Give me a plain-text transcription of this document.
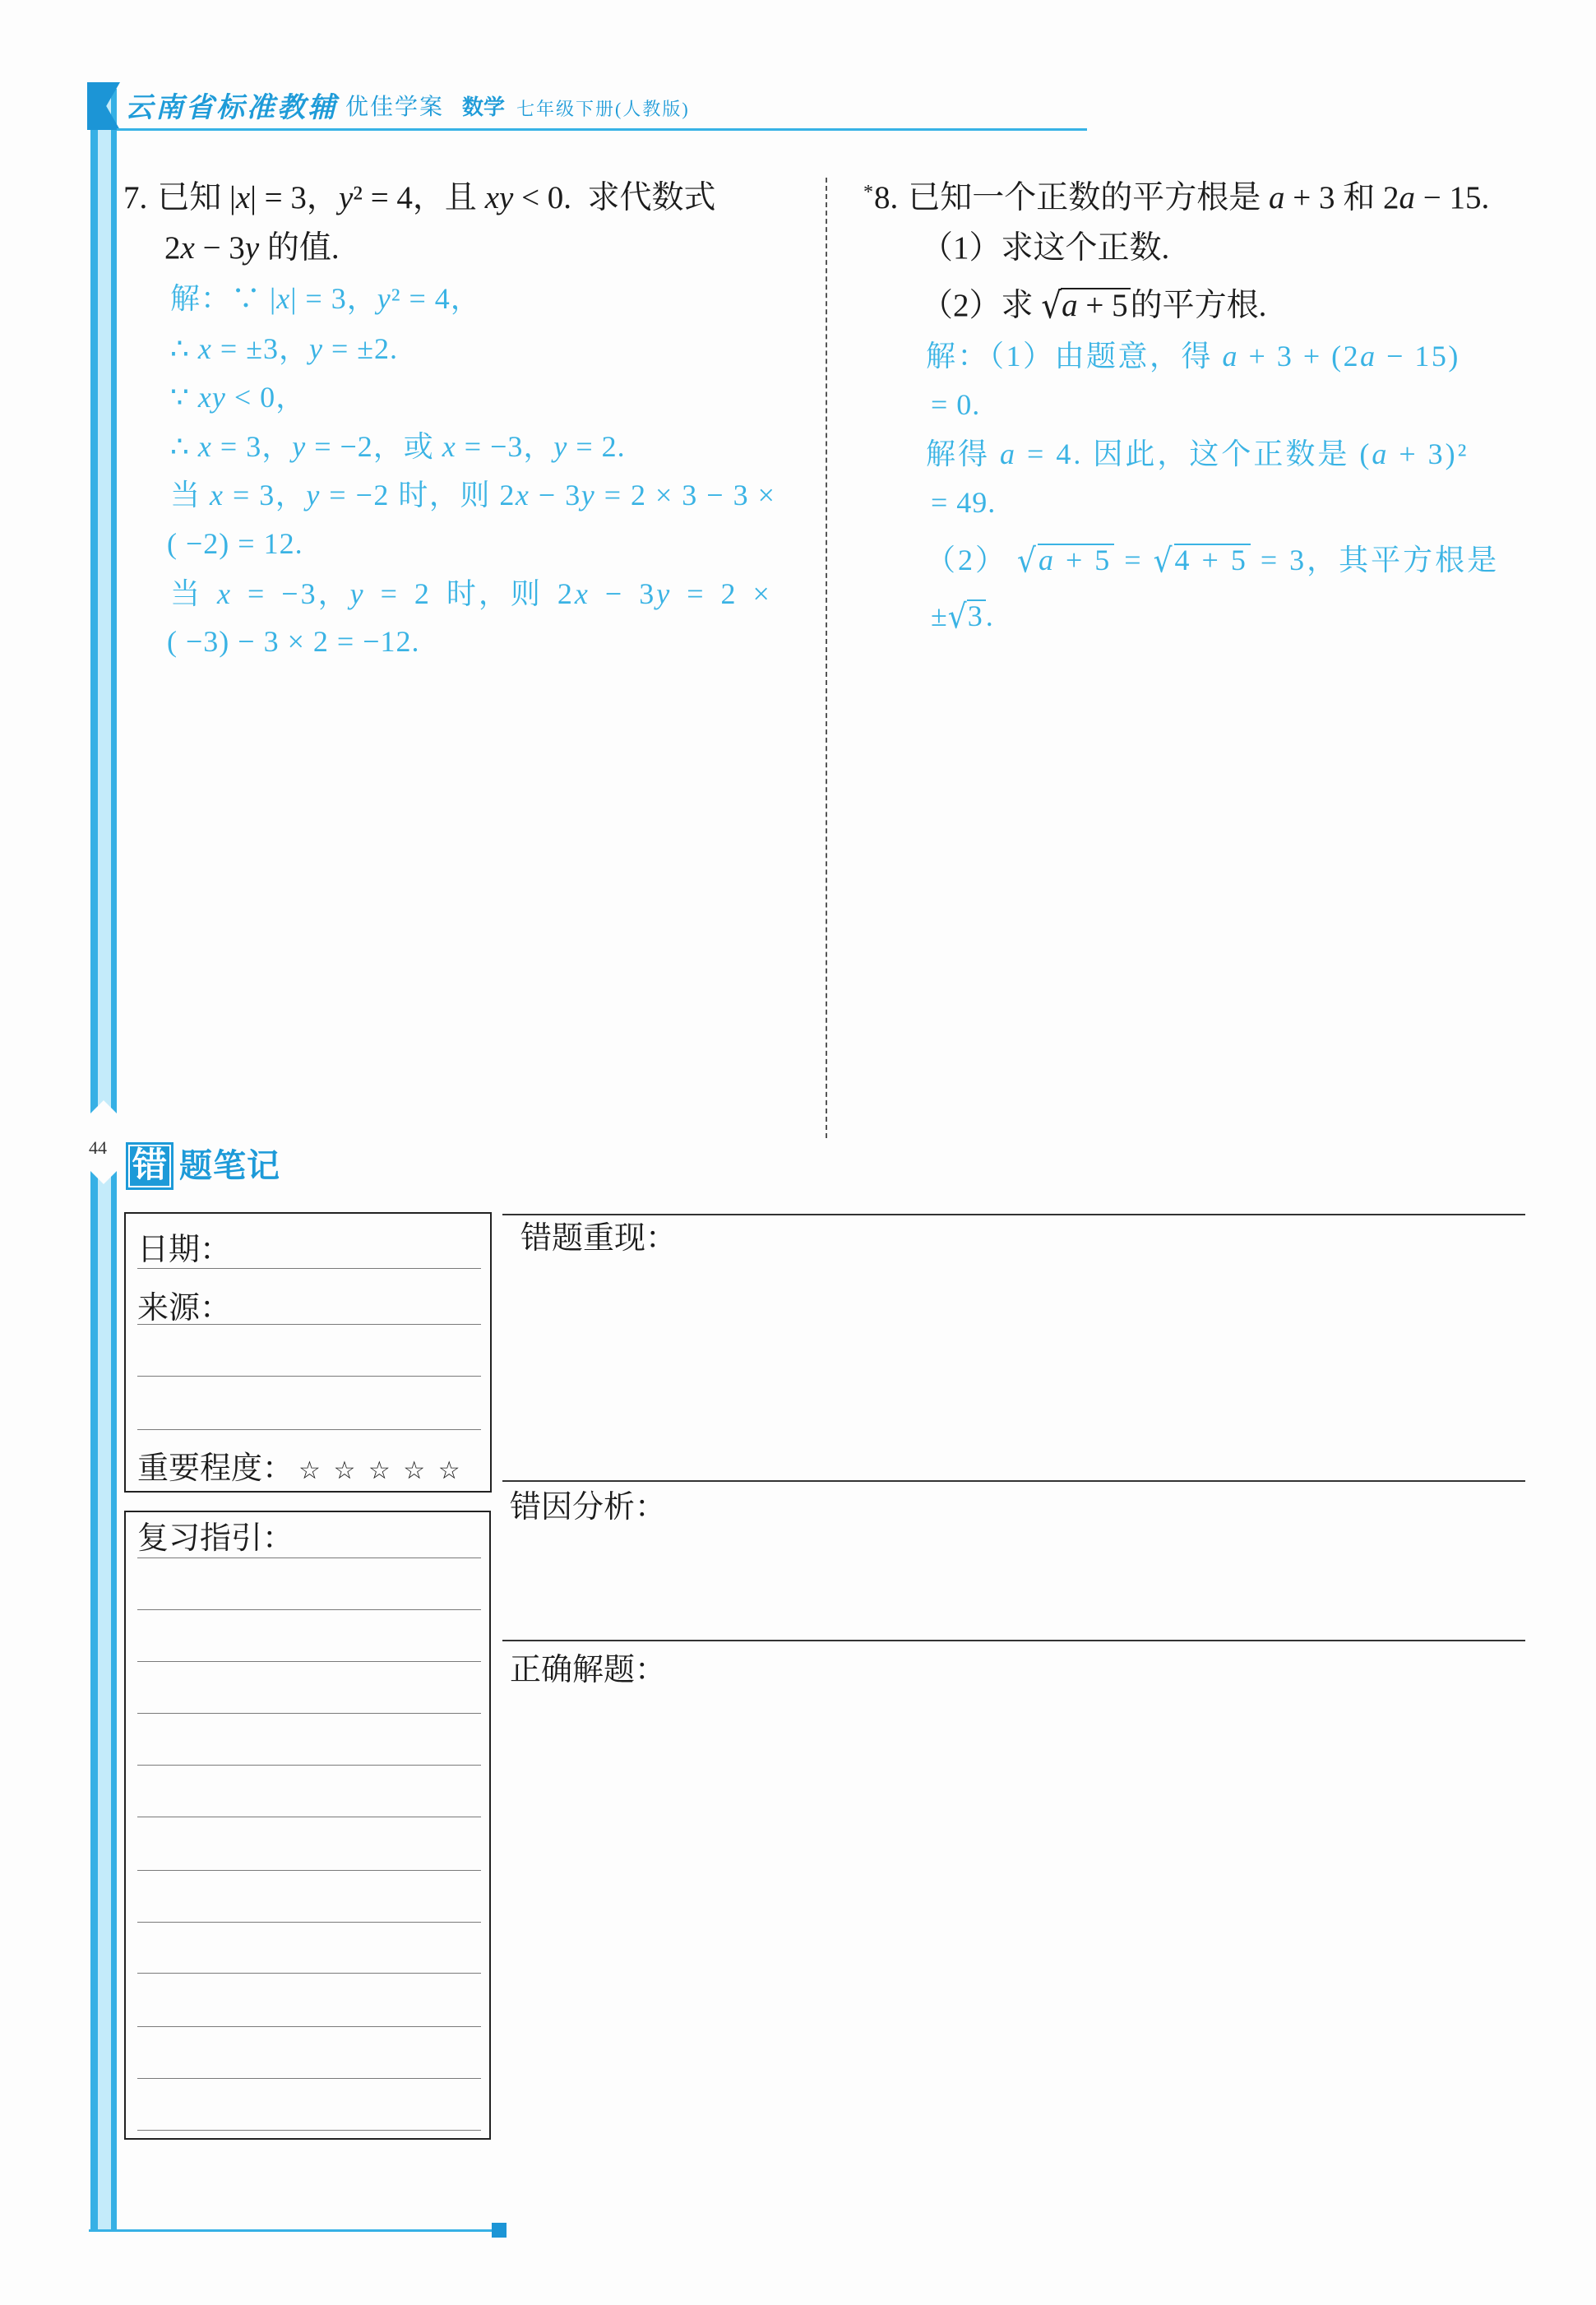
云南省标准教辅 优佳学案 数学 七年级下册(人教版)
7. 已知 |x| = 3，y² = 4，且 xy < 0.  求代数式
2x − 3y 的值.
解：∵ |x| = 3，y² = 4，
∴ x = ±3，y = ±2.
∵ xy < 0，
∴ x = 3，y = −2，或 x = −3，y = 2.
当 x = 3，y = −2 时，则 2x − 3y = 2 × 3 − 3 ×
( −2) = 12.
当 x = −3，y = 2 时，则 2x − 3y = 2 ×
( −3) − 3 × 2 = −12.
*8. 已知一个正数的平方根是 a + 3 和 2a − 15.
（1）求这个正数.
（2）求 √a + 5的平方根.
解：（1）由题意，得 a + 3 + (2a − 15)
= 0.
解得 a = 4. 因此，这个正数是 (a + 3)²
= 49.
（2） √a + 5 = √4 + 5 = 3，其平方根是
±√3.
44 错 题笔记
日期：
来源：
重要程度： ☆ ☆ ☆ ☆ ☆
复习指引：
错题重现：
错因分析：
正确解题：
